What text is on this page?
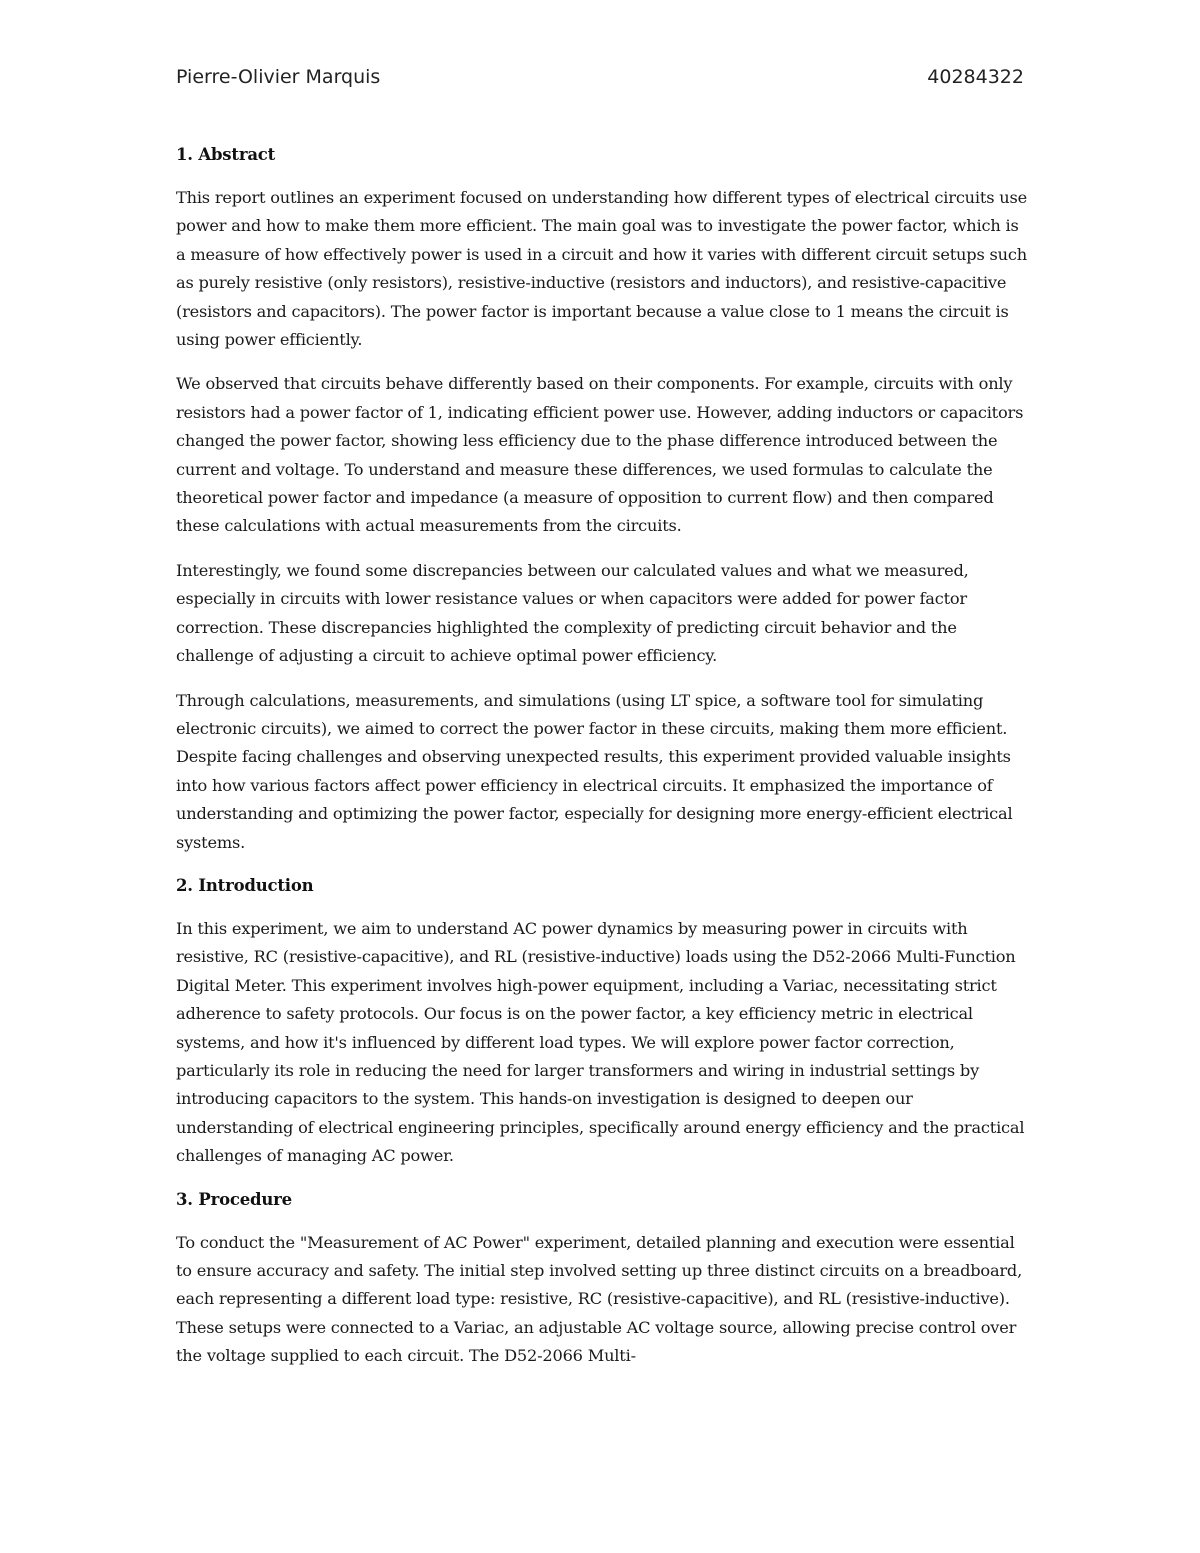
Pierre-Olivier Marquis	40284322
1. Abstract

This report outlines an experiment focused on understanding how different types of electrical circuits use power and how to make them more efficient. The main goal was to investigate the power factor, which is a measure of how effectively power is used in a circuit and how it varies with different circuit setups such as purely resistive (only resistors), resistive-inductive (resistors and inductors), and resistive-capacitive (resistors and capacitors). The power factor is important because a value close to 1 means the circuit is using power efficiently.

We observed that circuits behave differently based on their components. For example, circuits with only resistors had a power factor of 1, indicating efficient power use. However, adding inductors or capacitors changed the power factor, showing less efficiency due to the phase difference introduced between the current and voltage. To understand and measure these differences, we used formulas to calculate the theoretical power factor and impedance (a measure of opposition to current flow) and then compared these calculations with actual measurements from the circuits.

Interestingly, we found some discrepancies between our calculated values and what we measured, especially in circuits with lower resistance values or when capacitors were added for power factor correction. These discrepancies highlighted the complexity of predicting circuit behavior and the challenge of adjusting a circuit to achieve optimal power efficiency.

Through calculations, measurements, and simulations (using LT spice, a software tool for simulating electronic circuits), we aimed to correct the power factor in these circuits, making them more efficient. Despite facing challenges and observing unexpected results, this experiment provided valuable insights into how various factors affect power efficiency in electrical circuits. It emphasized the importance of understanding and optimizing the power factor, especially for designing more energy-efficient electrical systems.

2. Introduction

In this experiment, we aim to understand AC power dynamics by measuring power in circuits with resistive, RC (resistive-capacitive), and RL (resistive-inductive) loads using the D52-2066 Multi-Function Digital Meter. This experiment involves high-power equipment, including a Variac, necessitating strict adherence to safety protocols. Our focus is on the power factor, a key efficiency metric in electrical systems, and how it's influenced by different load types. We will explore power factor correction, particularly its role in reducing the need for larger transformers and wiring in industrial settings by introducing capacitors to the system. This hands-on investigation is designed to deepen our understanding of electrical engineering principles, specifically around energy efficiency and the practical challenges of managing AC power.

3. Procedure

To conduct the "Measurement of AC Power" experiment, detailed planning and execution were essential to ensure accuracy and safety. The initial step involved setting up three distinct circuits on a breadboard, each representing a different load type: resistive, RC (resistive-capacitive), and RL (resistive-inductive). These setups were connected to a Variac, an adjustable AC voltage source, allowing precise control over the voltage supplied to each circuit. The D52-2066 Multi-
